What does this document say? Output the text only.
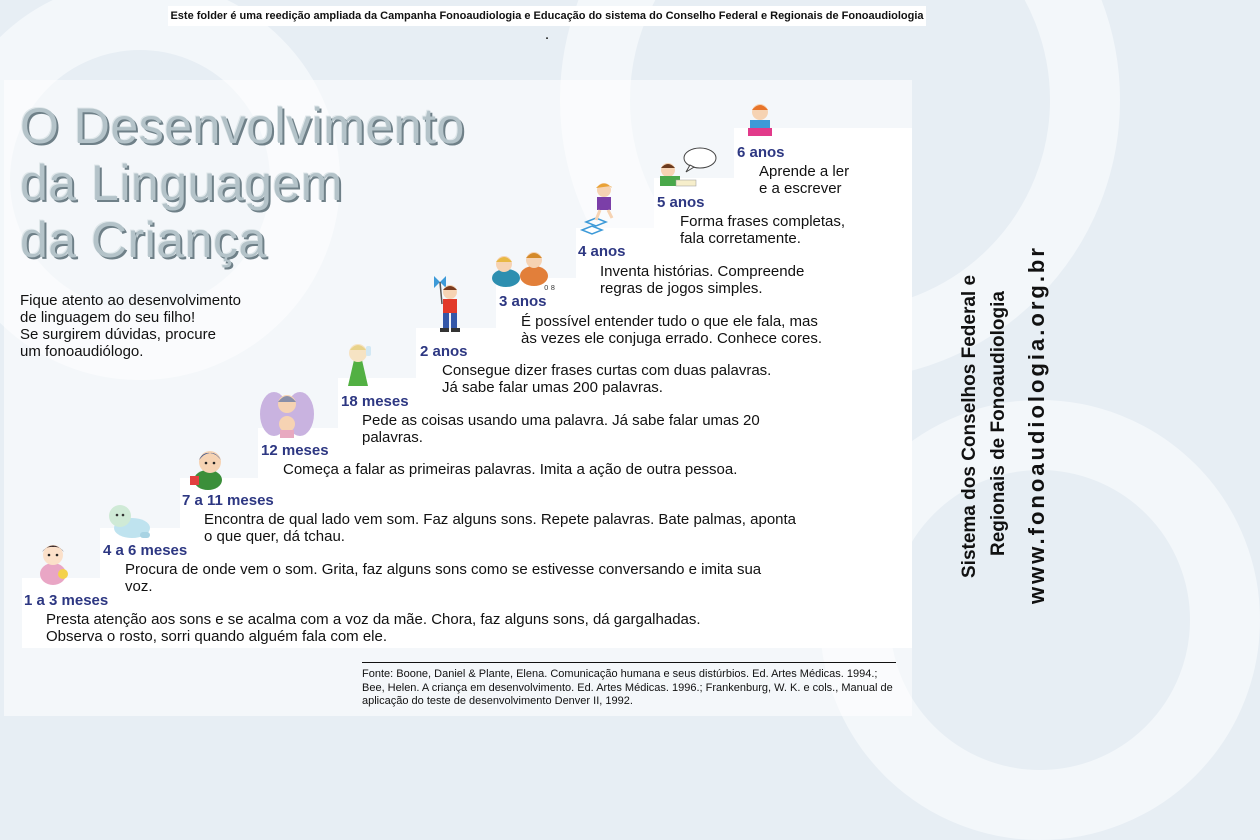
Este folder é uma reedição ampliada da Campanha Fonoaudiologia e Educação do sistema do Conselho Federal e Regionais de Fonoaudiologia .
O Desenvolvimento
da Linguagem
da Criança

Fique atento ao desenvolvimento
de linguagem do seu filho!
Se surgirem dúvidas, procure
um fonoaudiólogo.

0 8
1 a 3 meses
Presta atenção aos sons e se acalma com a voz da mãe. Chora, faz alguns sons, dá gargalhadas.
Observa o rosto, sorri quando alguém fala com ele.
4 a 6 meses
Procura de onde vem o som. Grita, faz alguns sons como se estivesse conversando e imita sua
voz.
7 a 11 meses
Encontra de qual lado vem som. Faz alguns sons. Repete palavras. Bate palmas, aponta
o que quer, dá tchau.
12 meses
Começa a falar as primeiras palavras. Imita a ação de outra pessoa.
18 meses
Pede as coisas usando uma palavra. Já sabe falar umas 20
palavras.
2 anos
Consegue dizer frases curtas com duas palavras.
Já sabe falar umas 200 palavras.
3 anos
É possível entender tudo o que ele fala, mas
às vezes ele conjuga errado. Conhece cores.
4 anos
Inventa histórias. Compreende
regras de jogos simples.
5 anos
Forma frases completas,
fala corretamente.
6 anos
Aprende a ler
e a escrever

Fonte: Boone, Daniel & Plante, Elena. Comunicação humana e seus distúrbios. Ed. Artes Médicas. 1994.; Bee, Helen. A criança em desenvolvimento. Ed. Artes Médicas. 1996.; Frankenburg, W. K. e cols., Manual de aplicação do teste de desenvolvimento Denver II, 1992.

Sistema dos Conselhos Federal e Regionais de Fonoaudiologia www.fonoaudiologia.org.br
